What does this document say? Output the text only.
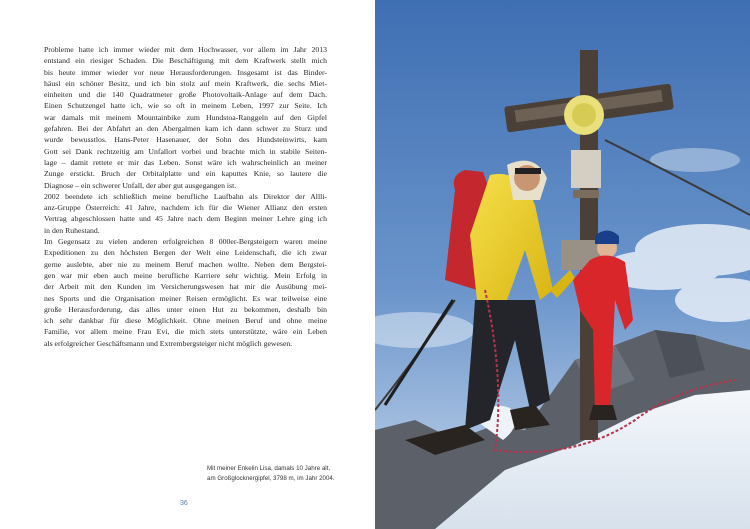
Probleme hatte ich immer wieder mit dem Hochwasser, vor allem im Jahr 2013
entstand ein riesiger Schaden. Die Beschäftigung mit dem Kraftwerk stellt mich
bis heute immer wieder vor neue Herausforderungen. Insgesamt ist das Binder-
häusl ein schöner Besitz, und ich bin stolz auf mein Kraftwerk, die sechs Miet-
einheiten und die 140 Quadratmeter große Photovoltaik-Anlage auf dem Dach.
Einen Schutzengel hatte ich, wie so oft in meinem Leben, 1997 zur Seite. Ich
war damals mit meinem Mountainbike zum Hundstoa-Ranggeln auf den Gipfel
gefahren. Bei der Abfahrt an den Abergalmen kam ich dann schwer zu Sturz und
wurde bewusstlos. Hans-Peter Hasenauer, der Sohn des Hundsteinwirts, kam
Gott sei Dank rechtzeitig am Unfallort vorbei und brachte mich in stabile Seiten-
lage – damit rettete er mir das Leben. Sonst wäre ich wahrscheinlich an meiner
Zunge erstickt. Bruch der Orbitalplatte und ein kaputtes Knie, so lautere die
Diagnose – ein schwerer Unfall, der aber gut ausgegangen ist.
2002 beendete ich schließlich meine berufliche Laufbahn als Direktor der Allli-
anz-Gruppe Österreich: 41 Jahre, nachdem ich für die Wiener Allianz den ersten
Vertrag abgeschlossen hatte und 45 Jahre nach dem Beginn meiner Lehre ging ich
in den Ruhestand.
Im Gegensatz zu vielen anderen erfolgreichen 8 000er-Bergsteigern waren meine
Expeditionen zu den höchsten Bergen der Welt eine Leidenschaft, die ich zwar
gerne auslebte, aber nie zu meinem Beruf machen wollte. Neben dem Bergstei-
gen war mir eben auch meine berufliche Karriere sehr wichtig. Mein Erfolg in
der Arbeit mit den Kunden im Versicherungswesen hat mir die Ausübung mei-
nes Sports und die Organisation meiner Reisen ermöglicht. Es war teilweise eine
große Herausforderung, das alles unter einen Hut zu bekommen, deshalb bin
ich sehr dankbar für diese Möglichkeit. Ohne meinen Beruf und ohne meine
Familie, vor allem meine Frau Evi, die mich stets unterstützte, wäre ein Leben
als erfolgreicher Geschäftsmann und Extrembergsteiger nicht möglich gewesen.
Mit meiner Enkelin Lisa, damals 10 Jahre alt,
am Großglocknergipfel, 3798 m, im Jahr 2004.
36
